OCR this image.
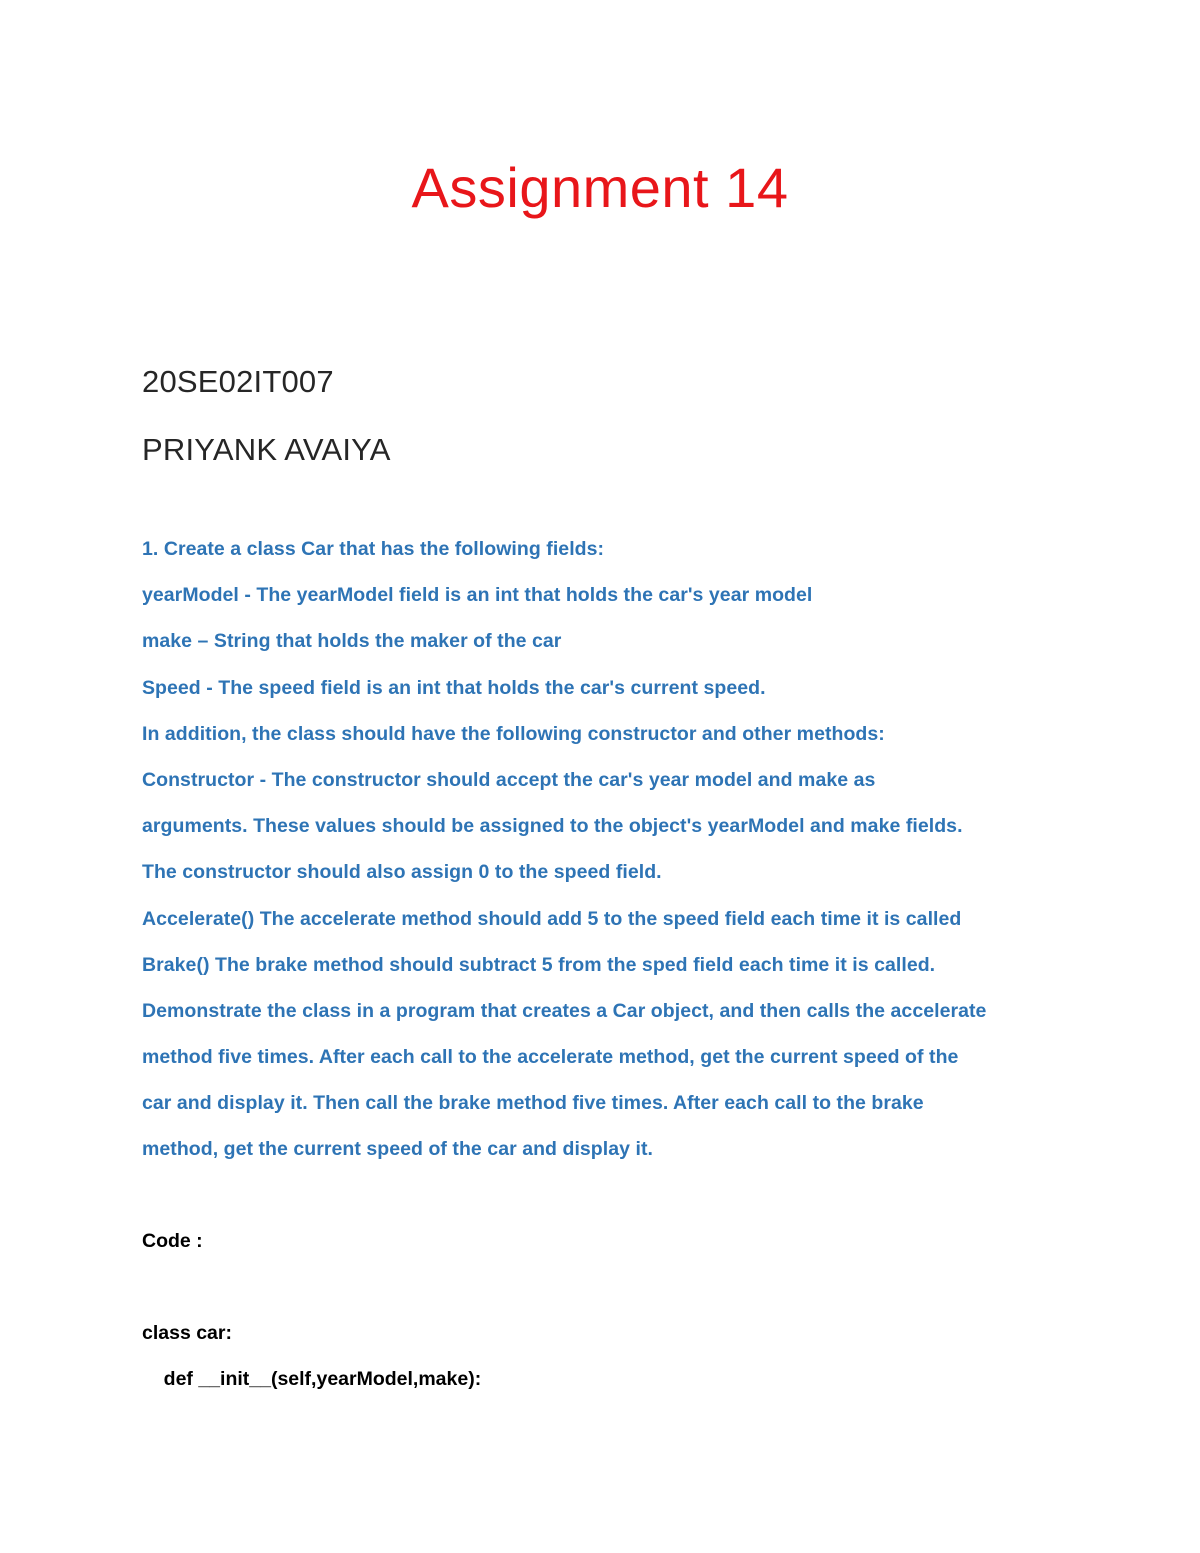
Assignment 14
20SE02IT007
PRIYANK AVAIYA
1. Create a class Car that has the following fields:
yearModel - The yearModel field is an int that holds the car's year model
make – String that holds the maker of the car
Speed - The speed field is an int that holds the car's current speed.
In addition, the class should have the following constructor and other methods:
Constructor - The constructor should accept the car's year model and make as
arguments. These values should be assigned to the object's yearModel and make fields.
The constructor should also assign 0 to the speed field.
Accelerate() The accelerate method should add 5 to the speed field each time it is called
Brake() The brake method should subtract 5 from the sped field each time it is called.
Demonstrate the class in a program that creates a Car object, and then calls the accelerate
method five times. After each call to the accelerate method, get the current speed of the
car and display it. Then call the brake method five times. After each call to the brake
method, get the current speed of the car and display it.
Code :
class car:
def __init__(self,yearModel,make):
